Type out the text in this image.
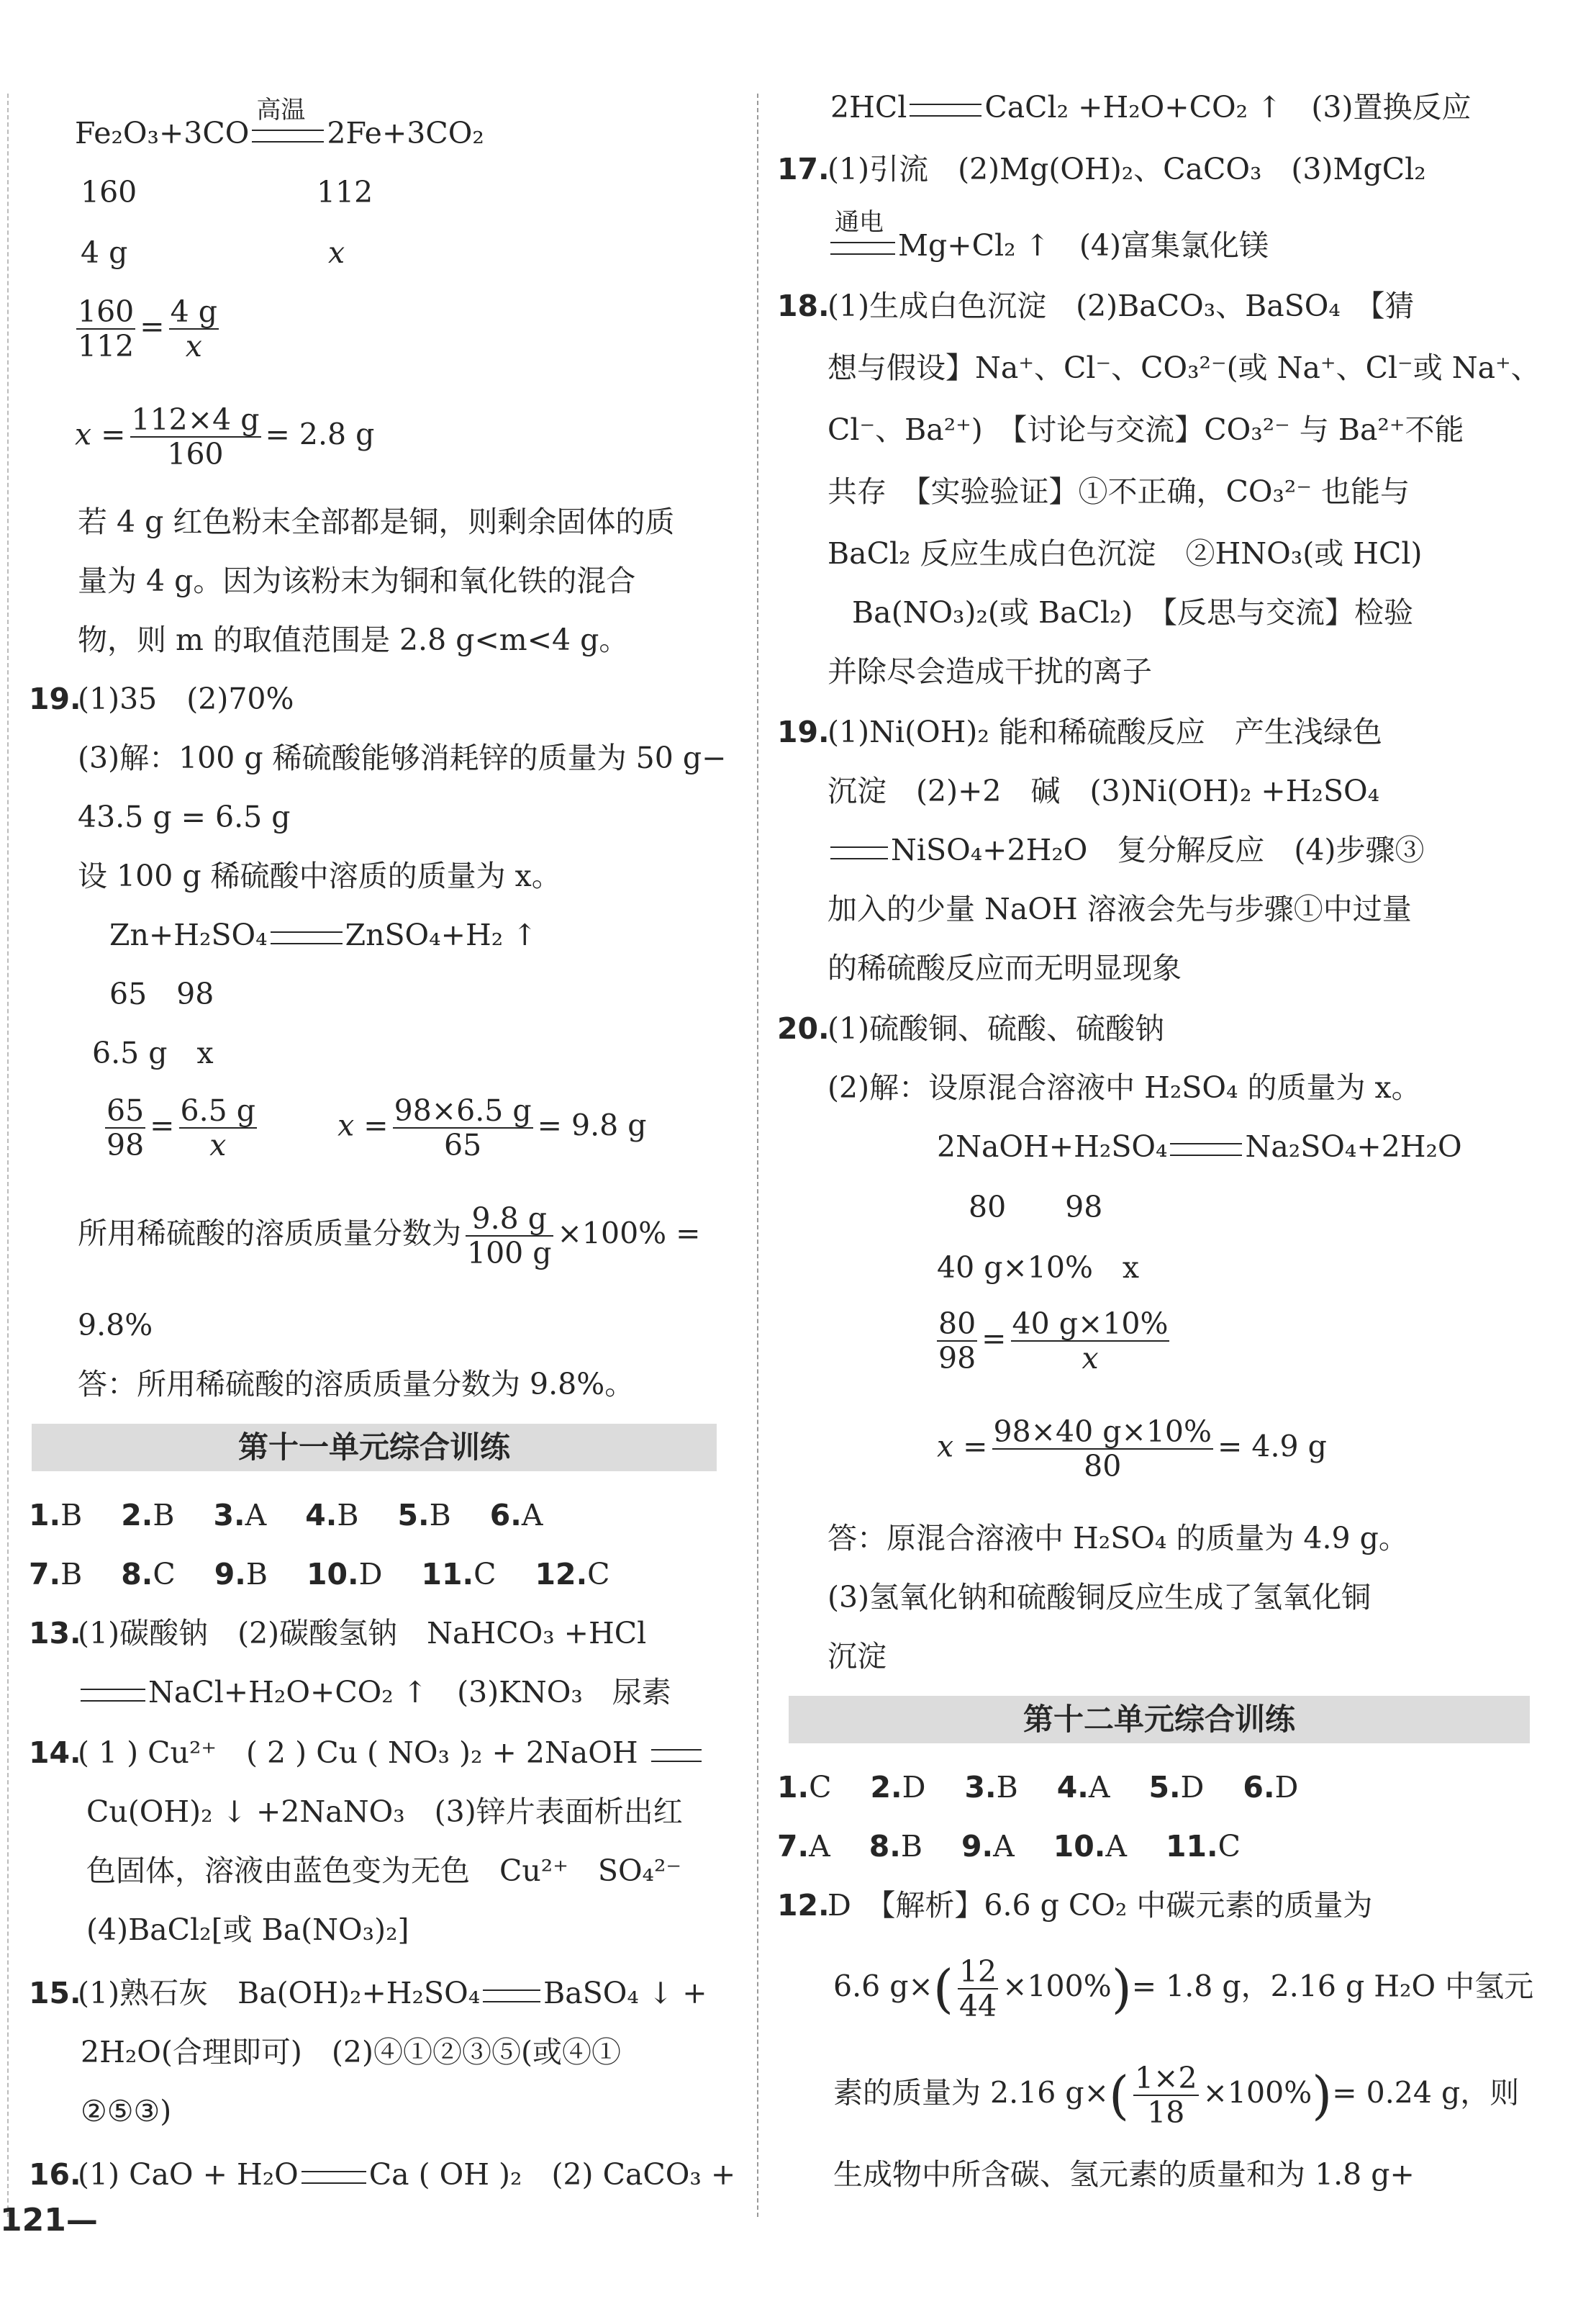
Fe₂O₃+3CO
高温
2Fe+3CO₂
160	112
4 g	x
$\frac{160}{112} = \frac{4 g}{x}$
$x = \frac{112\times 4 g}{160} = 2.8$ g
若 4 g 红色粉末全部都是铜，则剩余固体的质
量为 4 g。因为该粉末为铜和氧化铁的混合
物，则 m 的取值范围是 2.8 g<m<4 g。
19.
(1)35　(2)70%
(3)解：100 g 稀硫酸能够消耗锌的质量为 50 g−
43.5 g = 6.5 g
设 100 g 稀硫酸中溶质的质量为 x。
Zn+H₂SO₄	ZnSO₄+H₂ ↑
65　98
6.5 g　x
$\frac{65}{98} = \frac{6.5 g}{x}$	$x = \frac{98\times 6.5 g}{65} = 9.8$ g
所用稀硫酸的溶质质量分数为 $\frac{9.8 g}{100 g} \times 100\%$ =
9.8%
答：所用稀硫酸的溶质质量分数为 9.8%。
第十一单元综合训练
1.B 2.B 3.A 4.B 5.B 6.A
7.B 8.C 9.B 10.D 11.C 12.C
13.
(1)碳酸钠　(2)碳酸氢钠　NaHCO₃ +HCl
NaCl+H₂O+CO₂ ↑　(3)KNO₃　尿素
14.
( 1 ) Cu²⁺　( 2 ) Cu ( NO₃ )₂ + 2NaOH
Cu(OH)₂ ↓ +2NaNO₃　(3)锌片表面析出红
色固体，溶液由蓝色变为无色　Cu²⁺　SO₄²⁻
(4)BaCl₂[或 Ba(NO₃)₂]
15.
(1)熟石灰　Ba(OH)₂+H₂SO₄ BaSO₄ ↓ +
2H₂O(合理即可)　(2)④①②③⑤(或④①
②⑤③)
16.
(1) CaO + H₂O Ca ( OH )₂　(2) CaCO₃ +
121—
2HCl	CaCl₂ +H₂O+CO₂ ↑　(3)置换反应
17.
(1)引流　(2)Mg(OH)₂、CaCO₃　(3)MgCl₂
通电
Mg+Cl₂ ↑　(4)富集氯化镁
18.
(1)生成白色沉淀　(2)BaCO₃、BaSO₄　【猜
想与假设】Na⁺、Cl⁻、CO₃²⁻(或 Na⁺、Cl⁻或 Na⁺、
Cl⁻、Ba²⁺)　【讨论与交流】CO₃²⁻ 与 Ba²⁺不能
共存　【实验验证】①不正确，CO₃²⁻ 也能与
BaCl₂ 反应生成白色沉淀　②HNO₃(或 HCl)
Ba(NO₃)₂(或 BaCl₂)　【反思与交流】检验
并除尽会造成干扰的离子
19.
(1)Ni(OH)₂ 能和稀硫酸反应　产生浅绿色
沉淀　(2)+2　碱　(3)Ni(OH)₂ +H₂SO₄
NiSO₄+2H₂O　复分解反应　(4)步骤③
加入的少量 NaOH 溶液会先与步骤①中过量
的稀硫酸反应而无明显现象
20.
(1)硫酸铜、硫酸、硫酸钠
(2)解：设原混合溶液中 H₂SO₄ 的质量为 x。
2NaOH+H₂SO₄	Na₂SO₄+2H₂O
80　　98
40 g×10%　x
$\frac{80}{98} = \frac{40 g\times 10\%}{x}$
$x = \frac{98\times 40 g\times 10\%}{80} = 4.9$ g
答：原混合溶液中 H₂SO₄ 的质量为 4.9 g。
(3)氢氧化钠和硫酸铜反应生成了氢氧化铜
沉淀
第十二单元综合训练
1.C 2.D 3.B 4.A 5.D 6.D
7.A 8.B 9.A 10.A 11.C
12.
D　【解析】6.6 g CO₂ 中碳元素的质量为
6.6 $g\times( \frac{12}{44} \times 100\%)= 1.8$ g，2.16 g H₂O 中氢元
素的质量为 2.16 $g\times( \frac{1\times 2}{18} \times 100\%)= 0.24$ g，则
生成物中所含碳、氢元素的质量和为 1.8 g+
